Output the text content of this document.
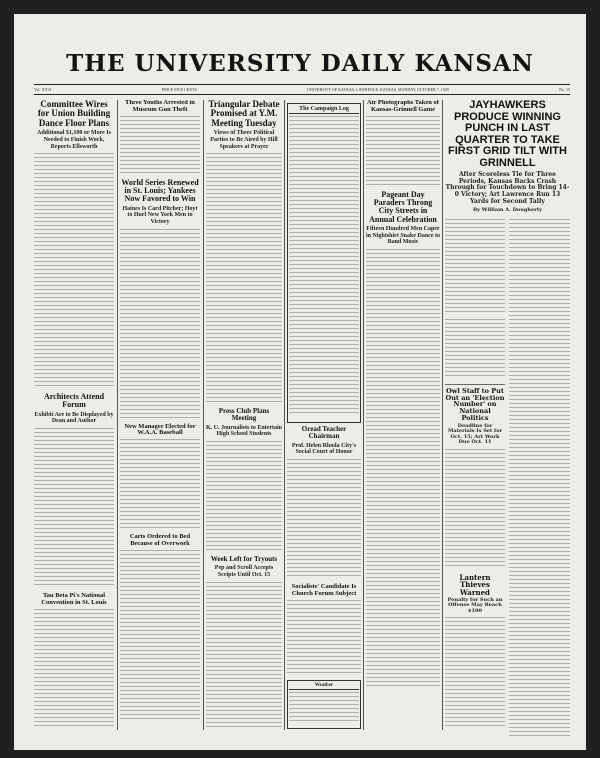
THE UNIVERSITY DAILY KANSAN
Vol. XXVI	PRICE FIVE CENTS	UNIVERSITY OF KANSAS, LAWRENCE, KANSAS, MONDAY, OCTOBER 7, 1929	No. 15
Committee Wires for Union Building Dance Floor Plans
Additional $1,100 or More Is Needed to Finish Work, Reports Ellsworth
Architects Attend Forum
Exhibit Are to Be Displayed by Dean and Author
Tau Beta Pi's National Convention in St. Louis
Three Youths Arrested in Museum Gun Theft
World Series Renewed in St. Louis; Yankees Now Favored to Win
Haines Is Card Pitcher; Hoyt to Hurl New York Men to Victory
New Manager Elected for W.A.A. Baseball
Carts Ordered to Bed Because of Overwork
Triangular Debate Promised at Y.M. Meeting Tuesday
Views of Three Political Parties to Be Aired by Hill Speakers at Prayer
Press Club Plans Meeting
K. U. Journalists to Entertain High School Students
Week Left for Tryouts
Pep and Scroll Accepts Scripts Until Oct. 15
The Campaign Log
Oread Teacher Chairman
Prof. Helen Rhoda City's Social Court of Honor
Socialists' Candidate Is Church Forum Subject
Weather
Air Photographs Taken of Kansas-Grinnell Game
Pageant Day Paraders Throng City Streets in Annual Celebration
Fifteen Hundred Men Caper in Nightshirt Snake Dance to Band Music
JAYHAWKERS PRODUCE WINNING PUNCH IN LAST QUARTER TO TAKE FIRST GRID TILT WITH GRINNELL
After Scoreless Tie for Three Periods, Kansas Backs Crash Through for Touchdown to Bring 14-0 Victory; Art Lawrence Run 13 Yards for Second Tally
By William A. Dougherty
Owl Staff to Put Out an 'Election Number' on National Politics
Deadline for Materials Is Set for Oct. 15; Art Work Due Oct. 11
Lantern Thieves Warned
Penalty for Such an Offense May Reach $100
